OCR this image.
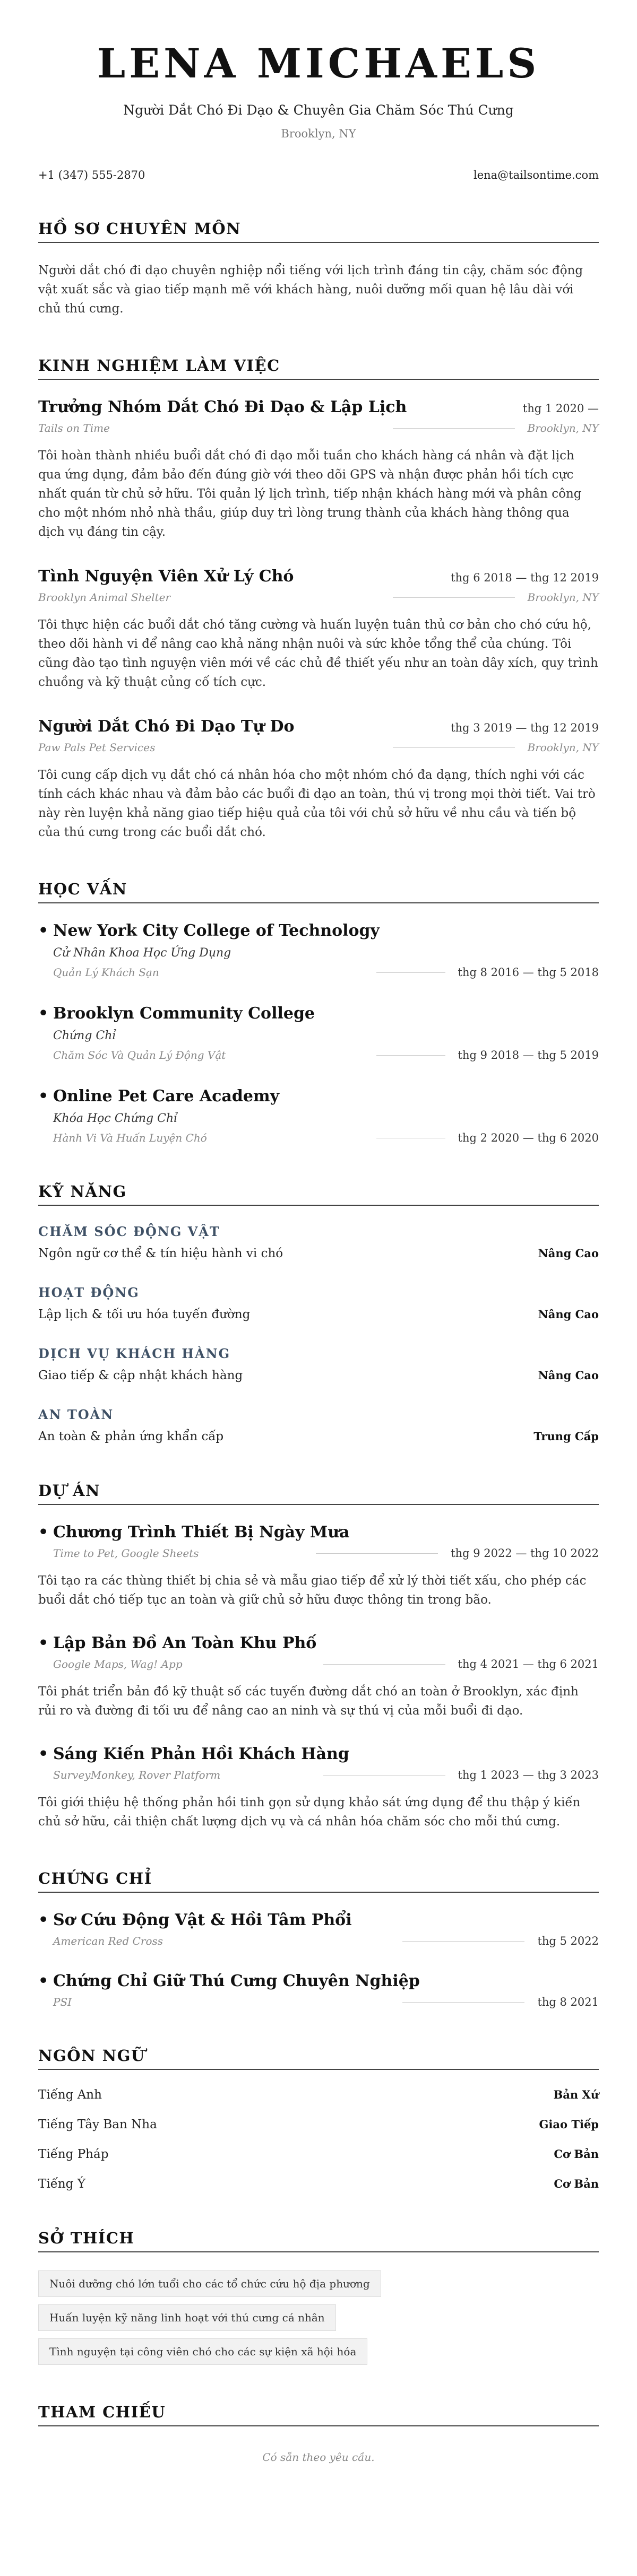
LENA MICHAELS
Người Dắt Chó Đi Dạo & Chuyên Gia Chăm Sóc Thú Cưng
Brooklyn, NY
+1 (347) 555-2870	lena@tailsontime.com
HỒ SƠ CHUYÊN MÔN

Người dắt chó đi dạo chuyên nghiệp nổi tiếng với lịch trình đáng tin cậy, chăm sóc động vật xuất sắc và giao tiếp mạnh mẽ với khách hàng, nuôi dưỡng mối quan hệ lâu dài với chủ thú cưng.

KINH NGHIỆM LÀM VIỆC
Trưởng Nhóm Dắt Chó Đi Dạo & Lập Lịch	thg 1 2020 —
Tails on Time	Brooklyn, NY

Tôi hoàn thành nhiều buổi dắt chó đi dạo mỗi tuần cho khách hàng cá nhân và đặt lịch qua ứng dụng, đảm bảo đến đúng giờ với theo dõi GPS và nhận được phản hồi tích cực nhất quán từ chủ sở hữu. Tôi quản lý lịch trình, tiếp nhận khách hàng mới và phân công cho một nhóm nhỏ nhà thầu, giúp duy trì lòng trung thành của khách hàng thông qua dịch vụ đáng tin cậy.

Tình Nguyện Viên Xử Lý Chó	thg 6 2018 — thg 12 2019
Brooklyn Animal Shelter	Brooklyn, NY

Tôi thực hiện các buổi dắt chó tăng cường và huấn luyện tuân thủ cơ bản cho chó cứu hộ, theo dõi hành vi để nâng cao khả năng nhận nuôi và sức khỏe tổng thể của chúng. Tôi cũng đào tạo tình nguyện viên mới về các chủ đề thiết yếu như an toàn dây xích, quy trình chuồng và kỹ thuật củng cố tích cực.

Người Dắt Chó Đi Dạo Tự Do	thg 3 2019 — thg 12 2019
Paw Pals Pet Services	Brooklyn, NY

Tôi cung cấp dịch vụ dắt chó cá nhân hóa cho một nhóm chó đa dạng, thích nghi với các tính cách khác nhau và đảm bảo các buổi đi dạo an toàn, thú vị trong mọi thời tiết. Vai trò này rèn luyện khả năng giao tiếp hiệu quả của tôi với chủ sở hữu về nhu cầu và tiến bộ của thú cưng trong các buổi dắt chó.

HỌC VẤN
• New York City College of Technology
Cử Nhân Khoa Học Ứng Dụng
Quản Lý Khách Sạn	thg 8 2016 — thg 5 2018
• Brooklyn Community College
Chứng Chỉ
Chăm Sóc Và Quản Lý Động Vật	thg 9 2018 — thg 5 2019
• Online Pet Care Academy
Khóa Học Chứng Chỉ
Hành Vi Và Huấn Luyện Chó	thg 2 2020 — thg 6 2020
KỸ NĂNG
CHĂM SÓC ĐỘNG VẬT
Ngôn ngữ cơ thể & tín hiệu hành vi chó	Nâng Cao
HOẠT ĐỘNG
Lập lịch & tối ưu hóa tuyến đường	Nâng Cao
DỊCH VỤ KHÁCH HÀNG
Giao tiếp & cập nhật khách hàng	Nâng Cao
AN TOÀN
An toàn & phản ứng khẩn cấp	Trung Cấp
DỰ ÁN
• Chương Trình Thiết Bị Ngày Mưa
Time to Pet, Google Sheets	thg 9 2022 — thg 10 2022

Tôi tạo ra các thùng thiết bị chia sẻ và mẫu giao tiếp để xử lý thời tiết xấu, cho phép các buổi dắt chó tiếp tục an toàn và giữ chủ sở hữu được thông tin trong bão.

• Lập Bản Đồ An Toàn Khu Phố
Google Maps, Wag! App	thg 4 2021 — thg 6 2021

Tôi phát triển bản đồ kỹ thuật số các tuyến đường dắt chó an toàn ở Brooklyn, xác định rủi ro và đường đi tối ưu để nâng cao an ninh và sự thú vị của mỗi buổi đi dạo.

• Sáng Kiến Phản Hồi Khách Hàng
SurveyMonkey, Rover Platform	thg 1 2023 — thg 3 2023

Tôi giới thiệu hệ thống phản hồi tinh gọn sử dụng khảo sát ứng dụng để thu thập ý kiến chủ sở hữu, cải thiện chất lượng dịch vụ và cá nhân hóa chăm sóc cho mỗi thú cưng.

CHỨNG CHỈ
• Sơ Cứu Động Vật & Hồi Tâm Phổi
American Red Cross	thg 5 2022
• Chứng Chỉ Giữ Thú Cưng Chuyên Nghiệp
PSI	thg 8 2021
NGÔN NGỮ
Tiếng Anh	Bản Xứ
Tiếng Tây Ban Nha	Giao Tiếp
Tiếng Pháp	Cơ Bản
Tiếng Ý	Cơ Bản
SỞ THÍCH
Nuôi dưỡng chó lớn tuổi cho các tổ chức cứu hộ địa phương
Huấn luyện kỹ năng linh hoạt với thú cưng cá nhân
Tình nguyện tại công viên chó cho các sự kiện xã hội hóa
THAM CHIẾU
Có sẵn theo yêu cầu.
